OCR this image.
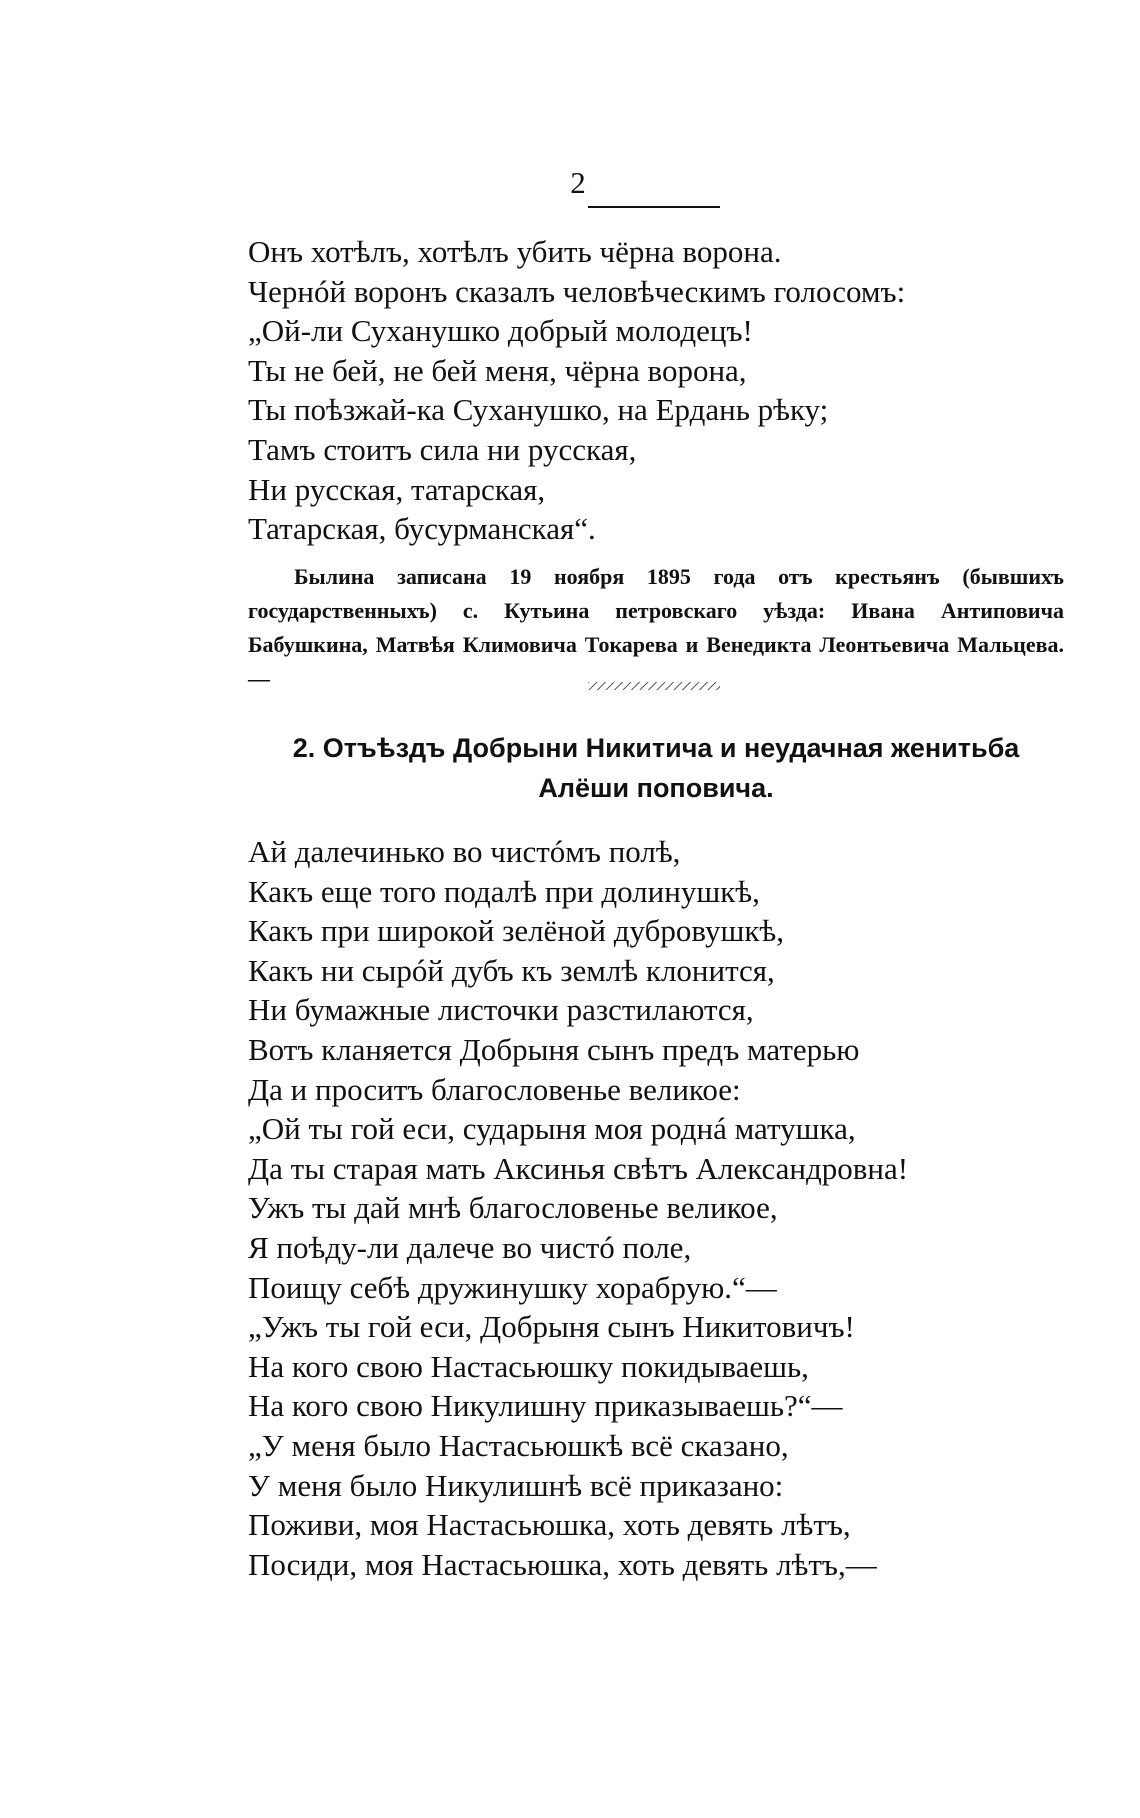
2
Онъ хотѣлъ, хотѣлъ убить чёрна ворона.
Чернóй воронъ сказалъ человѣческимъ голосомъ:
„Ой-ли Суханушко добрый молодецъ!
Ты не бей, не бей меня, чёрна ворона,
Ты поѣзжай-ка Суханушко, на Ердань рѣку;
Тамъ стоитъ сила ни русская,
Ни русская, татарская,
Татарская, бусурманская“.

Былина записана 19 ноября 1895 года отъ крестьянъ (бывшихъ государственныхъ) с. Кутьина петровскаго уѣзда: Ивана Антиповича Бабушкина, Матвѣя Климовича Токарева и Венедикта Леонтьевича Мальцева.—

2. Отъѣздъ Добрыни Никитича и неудачная женитьба
Алёши поповича.
Ай далечинько во чистóмъ полѣ,
Какъ еще того подалѣ при долинушкѣ,
Какъ при широкой зелёной дубровушкѣ,
Какъ ни сырóй дубъ къ землѣ клонится,
Ни бумажные листочки разстилаются,
Вотъ кланяется Добрыня сынъ предъ матерью
Да и проситъ благословенье великое:
„Ой ты гой еси, сударыня моя роднá матушка,
Да ты старая мать Аксинья свѣтъ Александровна!
Ужъ ты дай мнѣ благословенье великое,
Я поѣду-ли далече во чистó поле,
Поищу себѣ дружинушку хорабрую.“—
„Ужъ ты гой еси, Добрыня сынъ Никитовичъ!
На кого свою Настасьюшку покидываешь,
На кого свою Никулишну приказываешь?“—
„У меня было Настасьюшкѣ всё сказано,
У меня было Никулишнѣ всё приказано:
Поживи, моя Настасьюшка, хоть девять лѣтъ,
Посиди, моя Настасьюшка, хоть девять лѣтъ,—
